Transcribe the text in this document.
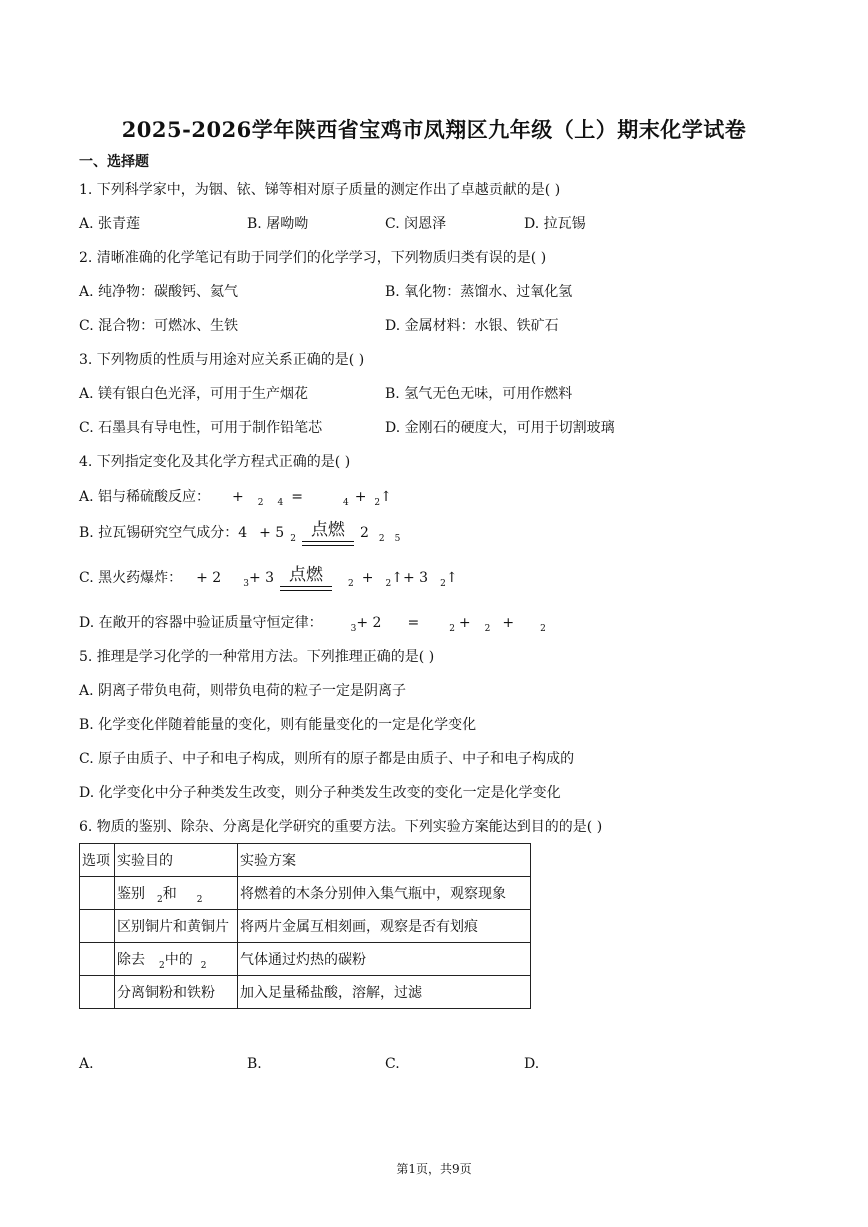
2025-2026学年陕西省宝鸡市凤翔区九年级（上）期末化学试卷
一、选择题
1. 下列科学家中，为铟、铱、锑等相对原子质量的测定作出了卓越贡献的是( )
A. 张青莲	B. 屠呦呦	C. 闵恩泽	D. 拉瓦锡
2. 清晰准确的化学笔记有助于同学们的化学学习，下列物质归类有误的是( )
A. 纯净物：碳酸钙、氦气	B. 氧化物：蒸馏水、过氧化氢
C. 混合物：可燃冰、生铁	D. 金属材料：水银、铁矿石
3. 下列物质的性质与用途对应关系正确的是( )
A. 镁有银白色光泽，可用于生产烟花	B. 氢气无色无味，可用作燃料
C. 石墨具有导电性，可用于制作铅笔芯	D. 金刚石的硬度大，可用于切割玻璃
4. 下列指定变化及其化学方程式正确的是( )
A. 铝与稀硫酸反应： + $_2$ $_4$ =	$_4$ + $_2$↑
B. 拉瓦锡研究空气成分：4 + 5 $_2$ 点燃	2 $_2$ $_5$
C. 黑火药爆炸： + 2 $_3$+ 3 点燃	$_2$ + $_2$↑+ 3 $_2$↑
D. 在敞开的容器中验证质量守恒定律：	$_3$+ 2 =	$_2$ + $_2$ +	$_2$
5. 推理是学习化学的一种常用方法。下列推理正确的是( )
A. 阴离子带负电荷，则带负电荷的粒子一定是阴离子
B. 化学变化伴随着能量的变化，则有能量变化的一定是化学变化
C. 原子由质子、中子和电子构成，则所有的原子都是由质子、中子和电子构成的
D. 化学变化中分子种类发生改变，则分子种类发生改变的变化一定是化学变化
6. 物质的鉴别、除杂、分离是化学研究的重要方法。下列实验方案能达到目的的是( )
选项	实验目的	实验方案
	鉴别 $_2$和 $_2$	将燃着的木条分别伸入集气瓶中，观察现象
	区别铜片和黄铜片	将两片金属互相刻画，观察是否有划痕
	除去 $_2$中的 $_2$	气体通过灼热的碳粉
	分离铜粉和铁粉	加入足量稀盐酸，溶解，过滤
A.	B.	C.	D.
第1页，共9页
